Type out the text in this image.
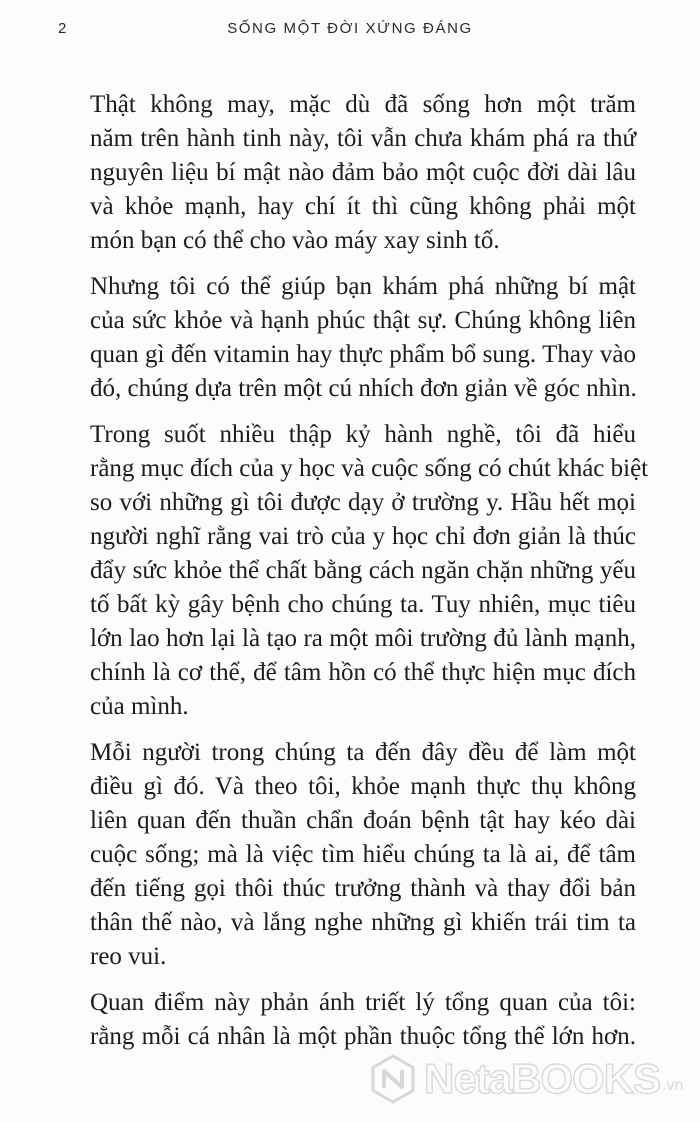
2	SỐNG MỘT ĐỜI XỨNG ĐÁNG
Thật không may, mặc dù đã sống hơn một trăm
năm trên hành tinh này, tôi vẫn chưa khám phá ra thứ
nguyên liệu bí mật nào đảm bảo một cuộc đời dài lâu
và khỏe mạnh, hay chí ít thì cũng không phải một
món bạn có thể cho vào máy xay sinh tố.
Nhưng tôi có thể giúp bạn khám phá những bí mật
của sức khỏe và hạnh phúc thật sự. Chúng không liên
quan gì đến vitamin hay thực phẩm bổ sung. Thay vào
đó, chúng dựa trên một cú nhích đơn giản về góc nhìn.
Trong suốt nhiều thập kỷ hành nghề, tôi đã hiểu
rằng mục đích của y học và cuộc sống có chút khác biệt
so với những gì tôi được dạy ở trường y. Hầu hết mọi
người nghĩ rằng vai trò của y học chỉ đơn giản là thúc
đẩy sức khỏe thể chất bằng cách ngăn chặn những yếu
tố bất kỳ gây bệnh cho chúng ta. Tuy nhiên, mục tiêu
lớn lao hơn lại là tạo ra một môi trường đủ lành mạnh,
chính là cơ thể, để tâm hồn có thể thực hiện mục đích
của mình.
Mỗi người trong chúng ta đến đây đều để làm một
điều gì đó. Và theo tôi, khỏe mạnh thực thụ không
liên quan đến thuần chẩn đoán bệnh tật hay kéo dài
cuộc sống; mà là việc tìm hiểu chúng ta là ai, để tâm
đến tiếng gọi thôi thúc trưởng thành và thay đổi bản
thân thế nào, và lắng nghe những gì khiến trái tim ta
reo vui.
Quan điểm này phản ánh triết lý tổng quan của tôi:
rằng mỗi cá nhân là một phần thuộc tổng thể lớn hơn.
NetaBOOKS .vn
